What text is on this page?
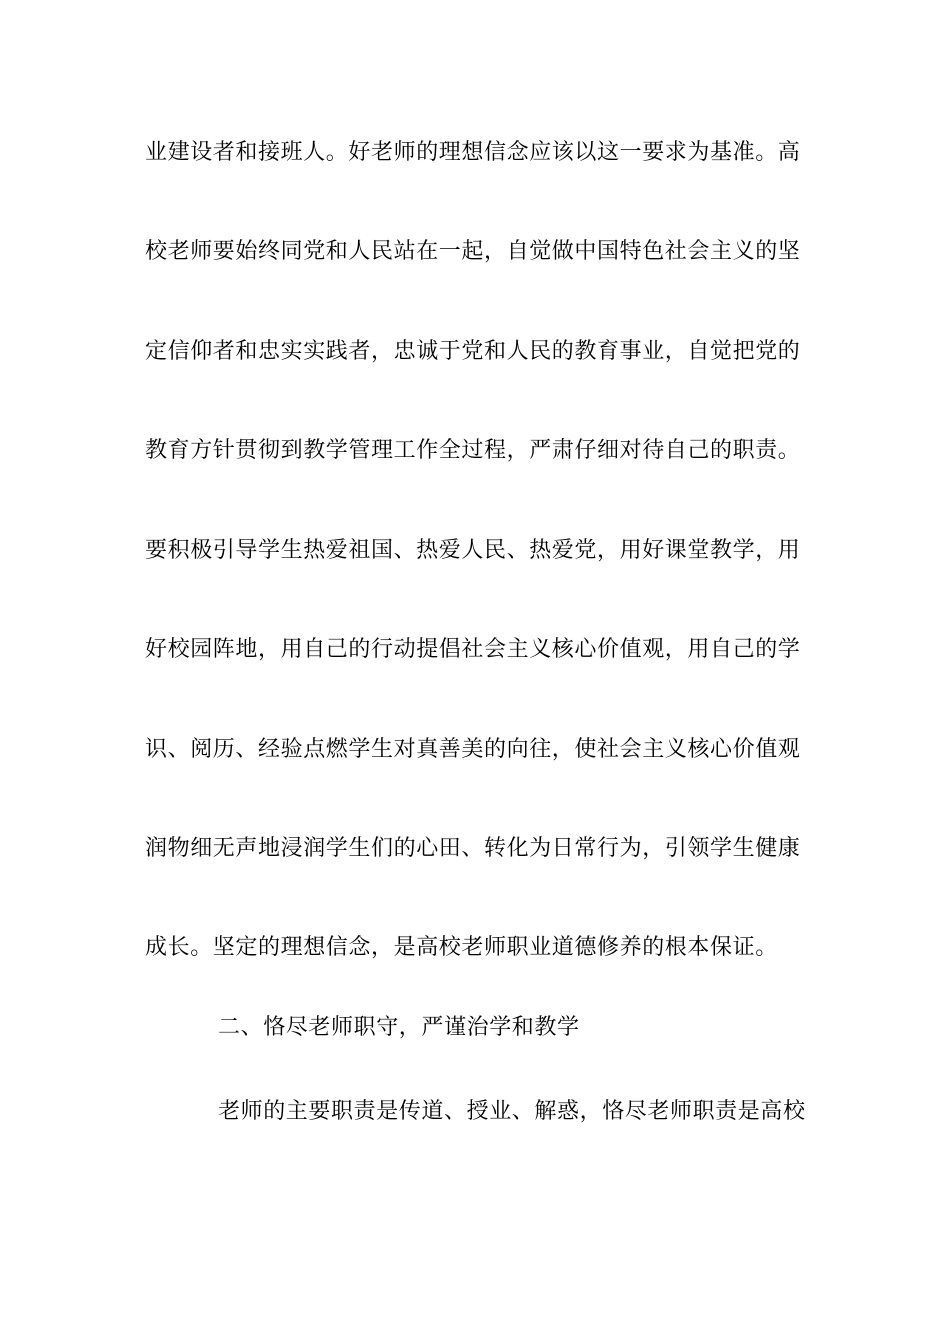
业建设者和接班人。好老师的理想信念应该以这一要求为基准。高
校老师要始终同党和人民站在一起，自觉做中国特色社会主义的坚
定信仰者和忠实实践者，忠诚于党和人民的教育事业，自觉把党的
教育方针贯彻到教学管理工作全过程，严肃仔细对待自己的职责。
要积极引导学生热爱祖国、热爱人民、热爱党，用好课堂教学，用
好校园阵地，用自己的行动提倡社会主义核心价值观，用自己的学
识、阅历、经验点燃学生对真善美的向往，使社会主义核心价值观
润物细无声地浸润学生们的心田、转化为日常行为，引领学生健康
成长。坚定的理想信念，是高校老师职业道德修养的根本保证。
二、恪尽老师职守，严谨治学和教学
老师的主要职责是传道、授业、解惑，恪尽老师职责是高校
